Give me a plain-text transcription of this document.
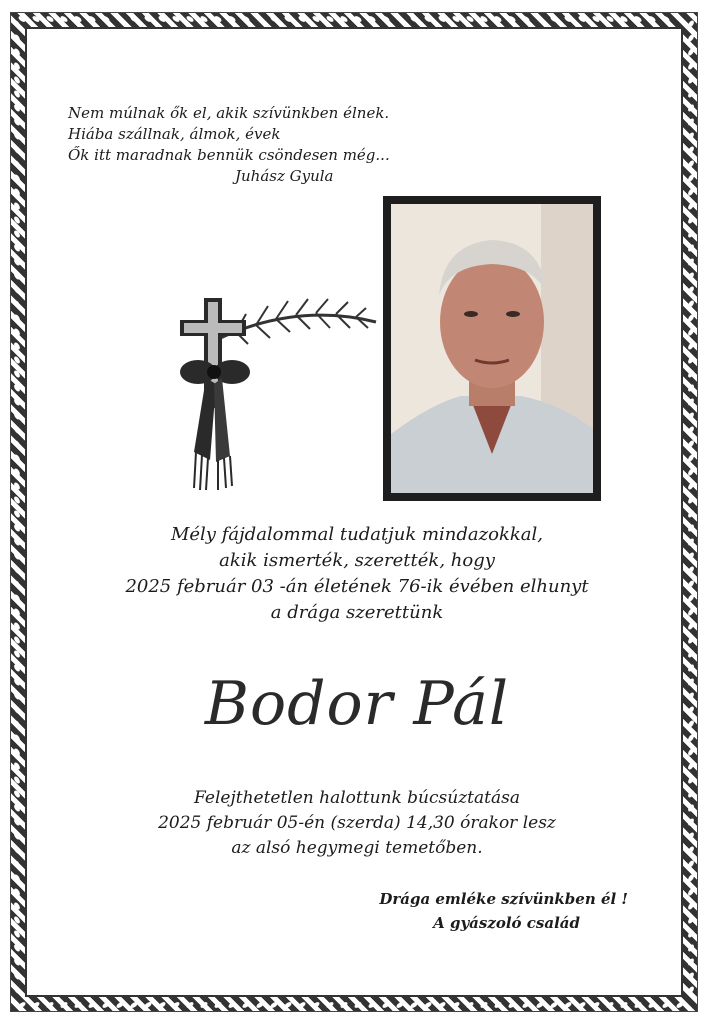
Nem múlnak ők el, akik szívünkben élnek.
Hiába szállnak, álmok, évek
Ők itt maradnak bennük csöndesen még...
Juhász Gyula
Mély fájdalommal tudatjuk mindazokkal,
akik ismerték, szerették, hogy
2025 február 03 -án életének 76-ik évében elhunyt
a drága szerettünk
Bodor Pál
Felejthetetlen halottunk búcsúztatása
2025 február 05-én (szerda) 14,30 órakor lesz
az alsó hegymegi temetőben.
Drága emléke szívünkben él !
A gyászoló család
